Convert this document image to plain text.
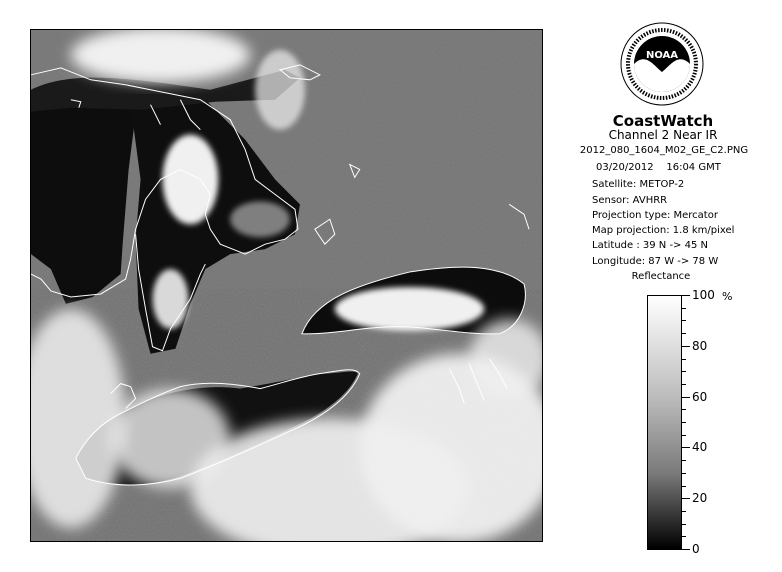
NOAA
CoastWatch
Channel 2 Near IR
2012_080_1604_M02_GE_C2.PNG
03/20/2012    16:04 GMT
Satellite: METOP-2
Sensor: AVHRR
Projection type: Mercator
Map projection: 1.8 km/pixel
Latitude : 39 N -> 45 N
Longitude: 87 W -> 78 W
Reflectance
%
100
80
60
40
20
0
